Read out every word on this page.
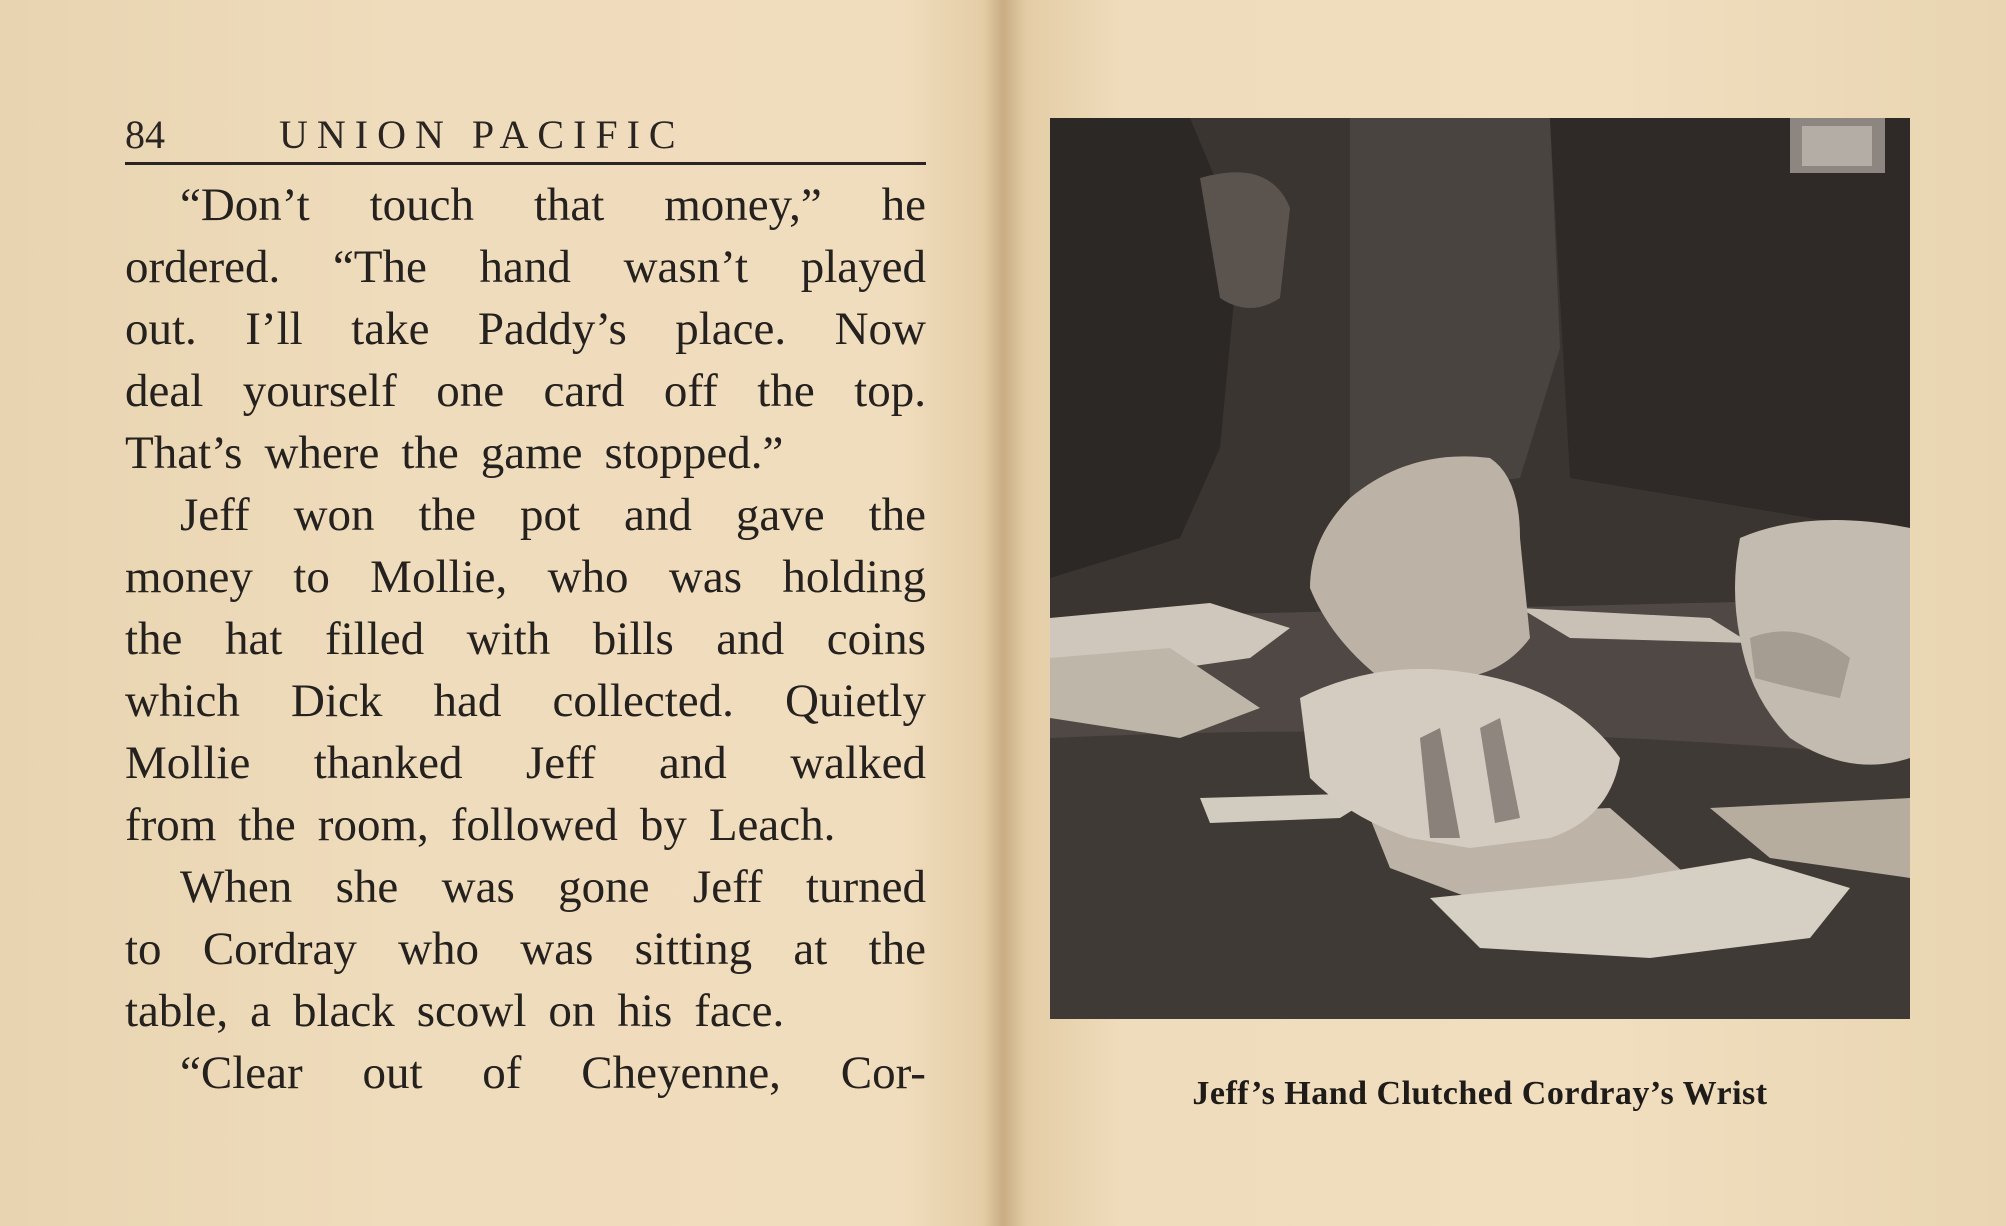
84	UNION PACIFIC
“Don’t touch that money,” he
ordered. “The hand wasn’t played
out. I’ll take Paddy’s place. Now
deal yourself one card off the top.
That’s where the game stopped.”
Jeff won the pot and gave the
money to Mollie, who was holding
the hat filled with bills and coins
which Dick had collected. Quietly
Mollie thanked Jeff and walked
from the room, followed by Leach.
When she was gone Jeff turned
to Cordray who was sitting at the
table, a black scowl on his face.
“Clear out of Cheyenne, Cor-	Jeff’s Hand Clutched Cordray’s Wrist
